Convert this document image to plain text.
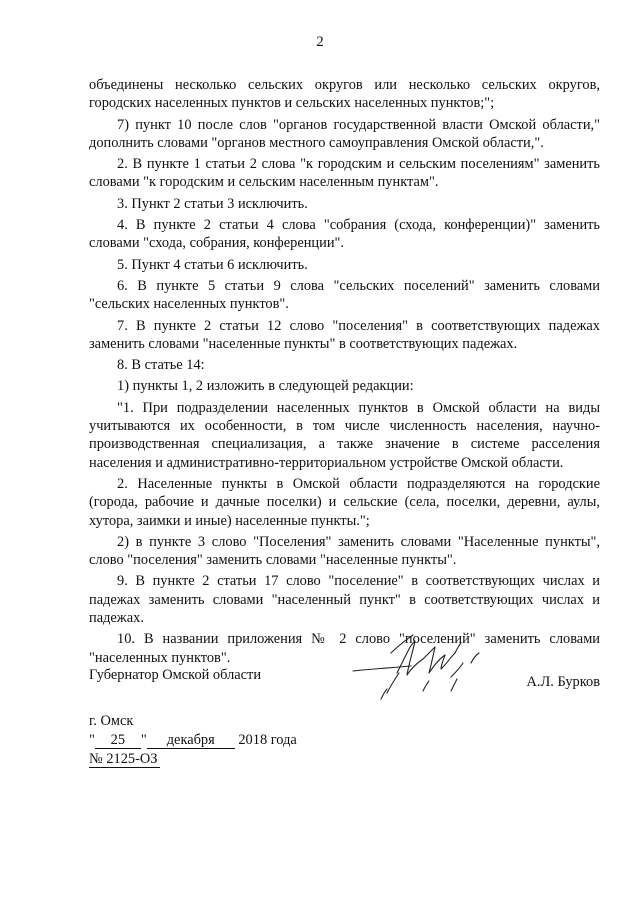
2

объединены несколько сельских округов или несколько сельских округов, городских населенных пунктов и сельских населенных пунктов;";

7) пункт 10 после слов "органов государственной власти Омской области," дополнить словами "органов местного самоуправления Омской области,".

2. В пункте 1 статьи 2 слова "к городским и сельским поселениям" заменить словами "к городским и сельским населенным пунктам".

3. Пункт 2 статьи 3 исключить.

4. В пункте 2 статьи 4 слова "собрания (схода, конференции)" заменить словами "схода, собрания, конференции".

5. Пункт 4 статьи 6 исключить.

6. В пункте 5 статьи 9 слова "сельских поселений" заменить словами "сельских населенных пунктов".

7. В пункте 2 статьи 12 слово "поселения" в соответствующих падежах заменить словами "населенные пункты" в соответствующих падежах.

8. В статье 14:

1) пункты 1, 2 изложить в следующей редакции:

"1. При подразделении населенных пунктов в Омской области на виды учитываются их особенности, в том числе численность населения, научно-производственная специализация, а также значение в системе расселения населения и административно-территориальном устройстве Омской области.

2. Населенные пункты в Омской области подразделяются на городские (города, рабочие и дачные поселки) и сельские (села, поселки, деревни, аулы, хутора, заимки и иные) населенные пункты.";

2) в пункте 3 слово "Поселения" заменить словами "Населенные пункты", слово "поселения" заменить словами "населенные пункты".

9. В пункте 2 статьи 17 слово "поселение" в соответствующих числах и падежах заменить словами "населенный пункт" в соответствующих числах и падежах.

10. В названии приложения № 2 слово "поселений" заменить словами "населенных пунктов".

Губернатор Омской области	А.Л. Бурков
г. Омск
" 25 " декабря 2018 года
№ 2125-ОЗ
